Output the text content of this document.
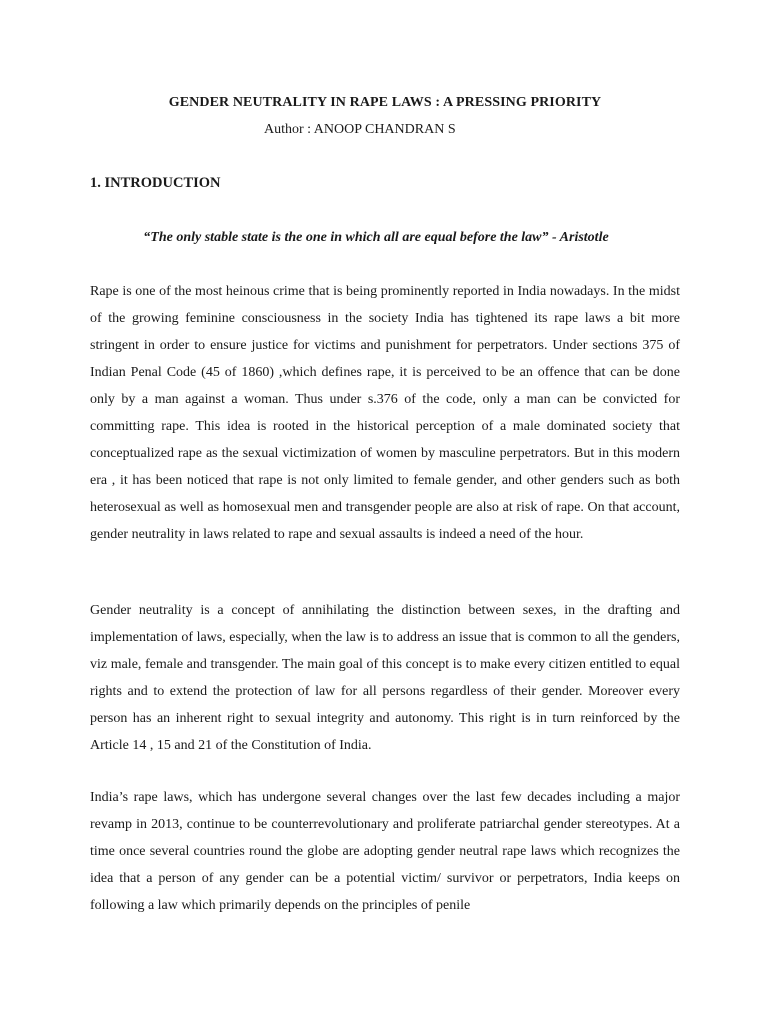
GENDER NEUTRALITY IN RAPE LAWS : A PRESSING PRIORITY

Author : ANOOP CHANDRAN S

1. INTRODUCTION

“The only stable state is the one in which all are equal before the law” - Aristotle

Rape is one of the most heinous crime that is being prominently reported in India nowadays. In the midst of the growing feminine consciousness in the society India has tightened its rape laws a bit more stringent in order to ensure justice for victims and punishment for perpetrators. Under sections 375 of Indian Penal Code (45 of 1860) ,which defines rape, it is perceived to be an offence that can be done only by a man against a woman. Thus under s.376 of the code, only a man can be convicted for committing rape. This idea is rooted in the historical perception of a male dominated society that conceptualized rape as the sexual victimization of women by masculine perpetrators. But in this modern era , it has been noticed that rape is not only limited to female gender, and other genders such as both heterosexual as well as homosexual men and transgender people are also at risk of rape. On that account, gender neutrality in laws related to rape and sexual assaults is indeed a need of the hour.

Gender neutrality is a concept of annihilating the distinction between sexes, in the drafting and implementation of laws, especially, when the law is to address an issue that is common to all the genders, viz male, female and transgender. The main goal of this concept is to make every citizen entitled to equal rights and to extend the protection of law for all persons regardless of their gender. Moreover every person has an inherent right to sexual integrity and autonomy. This right is in turn reinforced by the Article 14 , 15 and 21 of the Constitution of India.

India’s rape laws, which has undergone several changes over the last few decades including a major revamp in 2013, continue to be counterrevolutionary and proliferate patriarchal gender stereotypes. At a time once several countries round the globe are adopting gender neutral rape laws which recognizes the idea that a person of any gender can be a potential victim/ survivor or perpetrators, India keeps on following a law which primarily depends on the principles of penile
